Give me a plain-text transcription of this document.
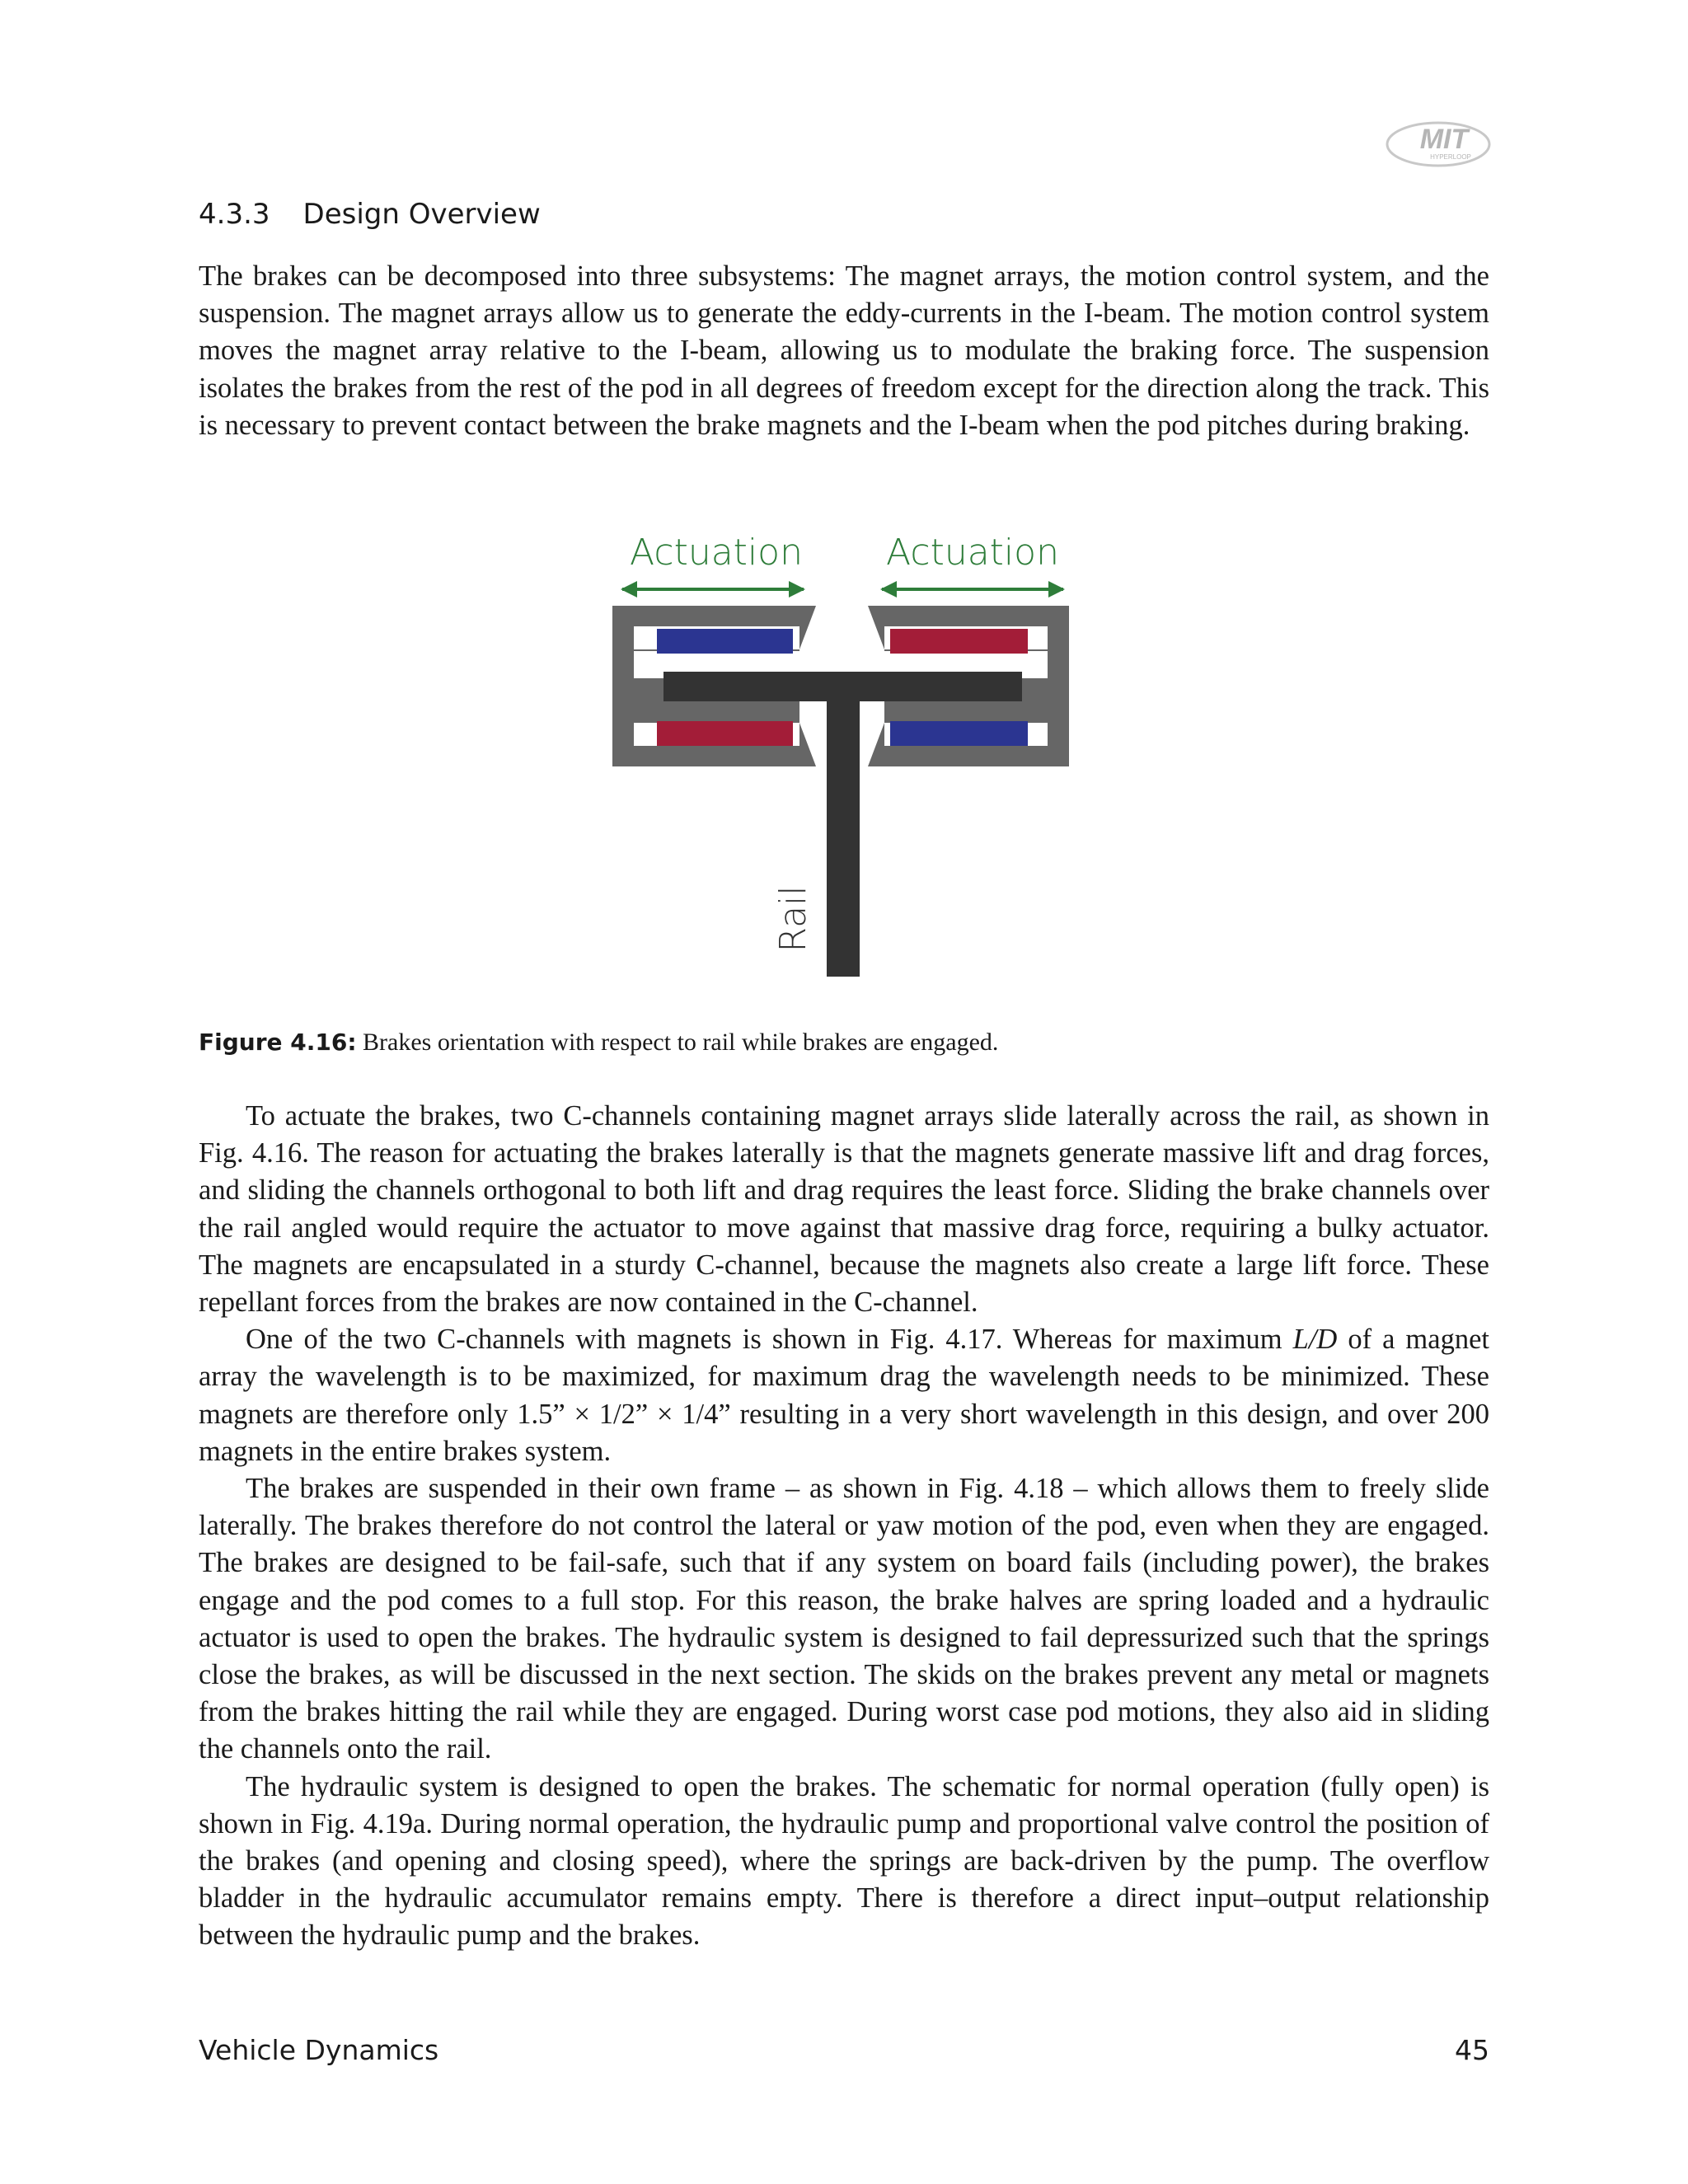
MIT
HYPERLOOP
4.3.3 Design Overview

The brakes can be decomposed into three subsystems: The magnet arrays, the motion control system, and the suspension. The magnet arrays allow us to generate the eddy-currents in the I-beam. The motion control system moves the magnet array relative to the I-beam, allowing us to modulate the braking force. The suspension isolates the brakes from the rest of the pod in all degrees of freedom except for the direction along the track. This is necessary to prevent contact between the brake magnets and the I-beam when the pod pitches during braking.

Actuation Actuation
Rail
Figure 4.16: Brakes orientation with respect to rail while brakes are engaged.

To actuate the brakes, two C-channels containing magnet arrays slide laterally across the rail, as shown in Fig. 4.16. The reason for actuating the brakes laterally is that the magnets generate massive lift and drag forces, and sliding the channels orthogonal to both lift and drag requires the least force. Sliding the brake channels over the rail angled would require the actuator to move against that massive drag force, requiring a bulky actuator. The magnets are encapsulated in a sturdy C-channel, because the magnets also create a large lift force. These repellant forces from the brakes are now contained in the C-channel.

One of the two C-channels with magnets is shown in Fig. 4.17. Whereas for maximum L/D of a magnet array the wavelength is to be maximized, for maximum drag the wavelength needs to be minimized. These magnets are therefore only 1.5” × 1/2” × 1/4” resulting in a very short wavelength in this design, and over 200 magnets in the entire brakes system.

The brakes are suspended in their own frame – as shown in Fig. 4.18 – which allows them to freely slide laterally. The brakes therefore do not control the lateral or yaw motion of the pod, even when they are engaged. The brakes are designed to be fail-safe, such that if any system on board fails (including power), the brakes engage and the pod comes to a full stop. For this reason, the brake halves are spring loaded and a hydraulic actuator is used to open the brakes. The hydraulic system is designed to fail depressurized such that the springs close the brakes, as will be discussed in the next section. The skids on the brakes prevent any metal or magnets from the brakes hitting the rail while they are engaged. During worst case pod motions, they also aid in sliding the channels onto the rail.

The hydraulic system is designed to open the brakes. The schematic for normal operation (fully open) is shown in Fig. 4.19a. During normal operation, the hydraulic pump and proportional valve control the position of the brakes (and opening and closing speed), where the springs are back-driven by the pump. The overflow bladder in the hydraulic accumulator remains empty. There is therefore a direct input–output relationship between the hydraulic pump and the brakes.

Vehicle Dynamics	45
